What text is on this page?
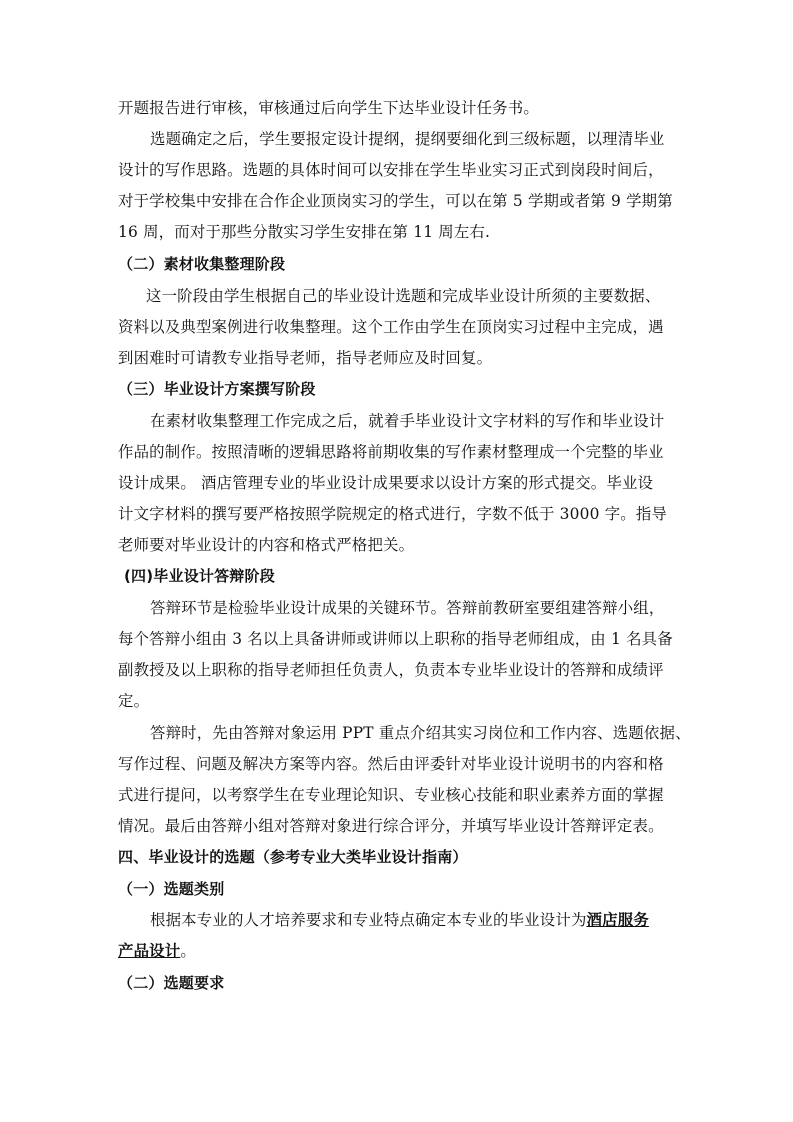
开题报告进行审核，审核通过后向学生下达毕业设计任务书。
选题确定之后，学生要报定设计提纲，提纲要细化到三级标题，以理清毕业
设计的写作思路。选题的具体时间可以安排在学生毕业实习正式到岗段时间后，
对于学校集中安排在合作企业顶岗实习的学生，可以在第 5 学期或者第 9 学期第
16 周，而对于那些分散实习学生安排在第 11 周左右.
（二）素材收集整理阶段
这一阶段由学生根据自己的毕业设计选题和完成毕业设计所须的主要数据、
资料以及典型案例进行收集整理。这个工作由学生在顶岗实习过程中主完成，遇
到困难时可请教专业指导老师，指导老师应及时回复。
（三）毕业设计方案撰写阶段
在素材收集整理工作完成之后，就着手毕业设计文字材料的写作和毕业设计
作品的制作。按照清晰的逻辑思路将前期收集的写作素材整理成一个完整的毕业
设计成果。 酒店管理专业的毕业设计成果要求以设计方案的形式提交。毕业设
计文字材料的撰写要严格按照学院规定的格式进行，字数不低于 3000 字。指导
老师要对毕业设计的内容和格式严格把关。
(四)毕业设计答辩阶段
答辩环节是检验毕业设计成果的关键环节。答辩前教研室要组建答辩小组，
每个答辩小组由 3 名以上具备讲师或讲师以上职称的指导老师组成，由 1 名具备
副教授及以上职称的指导老师担任负责人，负责本专业毕业设计的答辩和成绩评
定。
答辩时，先由答辩对象运用 PPT 重点介绍其实习岗位和工作内容、选题依据、
写作过程、问题及解决方案等内容。然后由评委针对毕业设计说明书的内容和格
式进行提问，以考察学生在专业理论知识、专业核心技能和职业素养方面的掌握
情况。最后由答辩小组对答辩对象进行综合评分，并填写毕业设计答辩评定表。
四、毕业设计的选题（参考专业大类毕业设计指南）
（一）选题类别
根据本专业的人才培养要求和专业特点确定本专业的毕业设计为酒店服务
产品设计。
（二）选题要求
